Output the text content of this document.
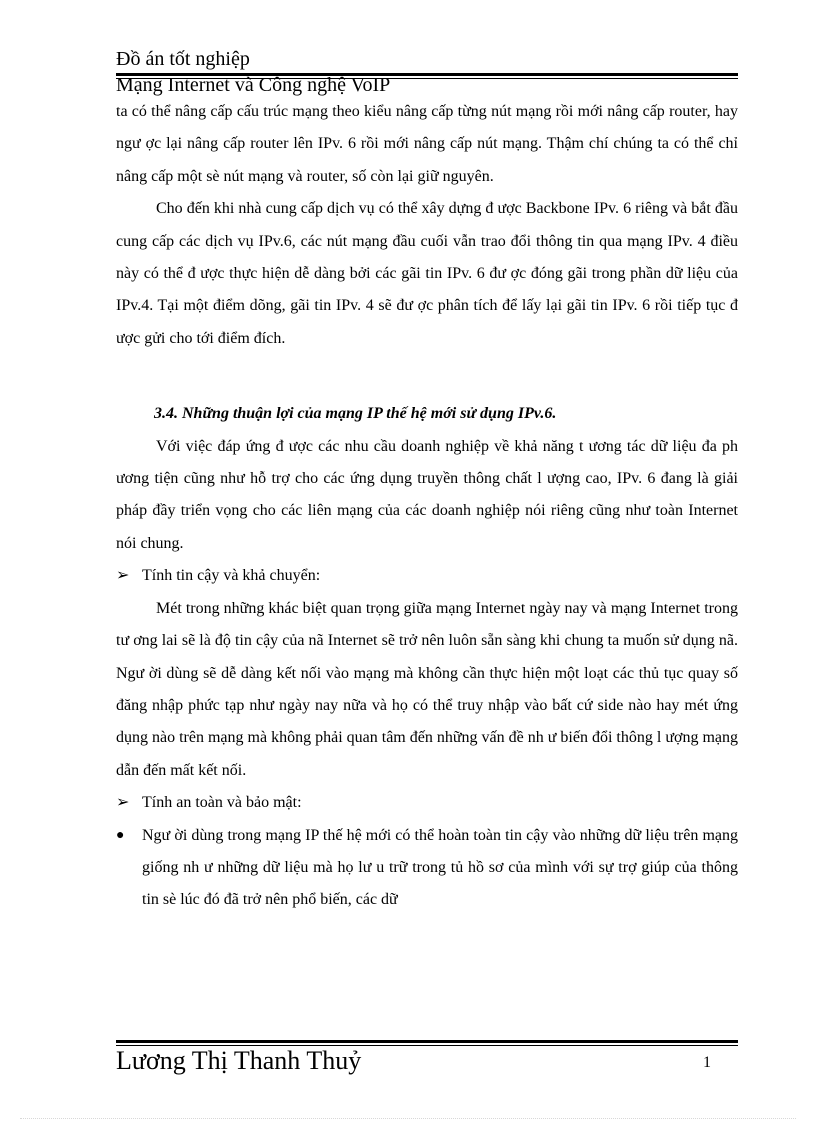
Đồ án tốt nghiệp
Mạng Internet và Công nghệ VoIP

ta có thể nâng cấp cấu trúc mạng theo kiểu nâng cấp từng nút mạng rồi mới nâng cấp router, hay ngư ợc lại nâng cấp router lên IPv. 6 rồi mới nâng cấp nút mạng. Thậm chí chúng ta có thể chỉ nâng cấp một sè nút mạng và router, số còn lại giữ nguyên.

Cho đến khi nhà cung cấp dịch vụ có thể xây dựng đ ược Backbone IPv. 6 riêng và bắt đầu cung cấp các dịch vụ IPv.6, các nút mạng đầu cuối vẫn trao đổi thông tin qua mạng IPv. 4 điều này có thể đ ược thực hiện dễ dàng bởi các gãi tin IPv. 6 đư ợc đóng gãi trong phần dữ liệu của IPv.4. Tại một điểm dõng, gãi tin IPv. 4 sẽ đư ợc phân tích để lấy lại gãi tin IPv. 6 rồi tiếp tục đ ược gửi cho tới điểm đích.

3.4. Những thuận lợi của mạng IP thế hệ mới sử dụng IPv.6.

Với việc đáp ứng đ ược các nhu cầu doanh nghiệp về khả năng t ương tác dữ liệu đa ph ương tiện cũng như hỗ trợ cho các ứng dụng truyền thông chất l ượng cao, IPv. 6 đang là giải pháp đầy triển vọng cho các liên mạng của các doanh nghiệp nói riêng cũng như toàn Internet nói chung.

➢ Tính tin cậy và khả chuyển:

Mét trong những khác biệt quan trọng giữa mạng Internet ngày nay và mạng Internet trong tư ơng lai sẽ là độ tin cậy của nã Internet sẽ trở nên luôn sẵn sàng khi chung ta muốn sử dụng nã. Ngư ời dùng sẽ dễ dàng kết nối vào mạng mà không cần thực hiện một loạt các thủ tục quay số đăng nhập phức tạp như ngày nay nữa và họ có thể truy nhập vào bất cứ side nào hay mét ứng dụng nào trên mạng mà không phải quan tâm đến những vấn đề nh ư biến đổi thông l ượng mạng dẫn đến mất kết nối.

➢ Tính an toàn và bảo mật:

● Ngư ời dùng trong mạng IP thế hệ mới có thể hoàn toàn tin cậy vào những dữ liệu trên mạng giống nh ư những dữ liệu mà họ lư u trữ trong tủ hồ sơ của mình với sự trợ giúp của thông tin sè lúc đó đã trở nên phổ biến, các dữ

Lương Thị Thanh Thuỷ	1
